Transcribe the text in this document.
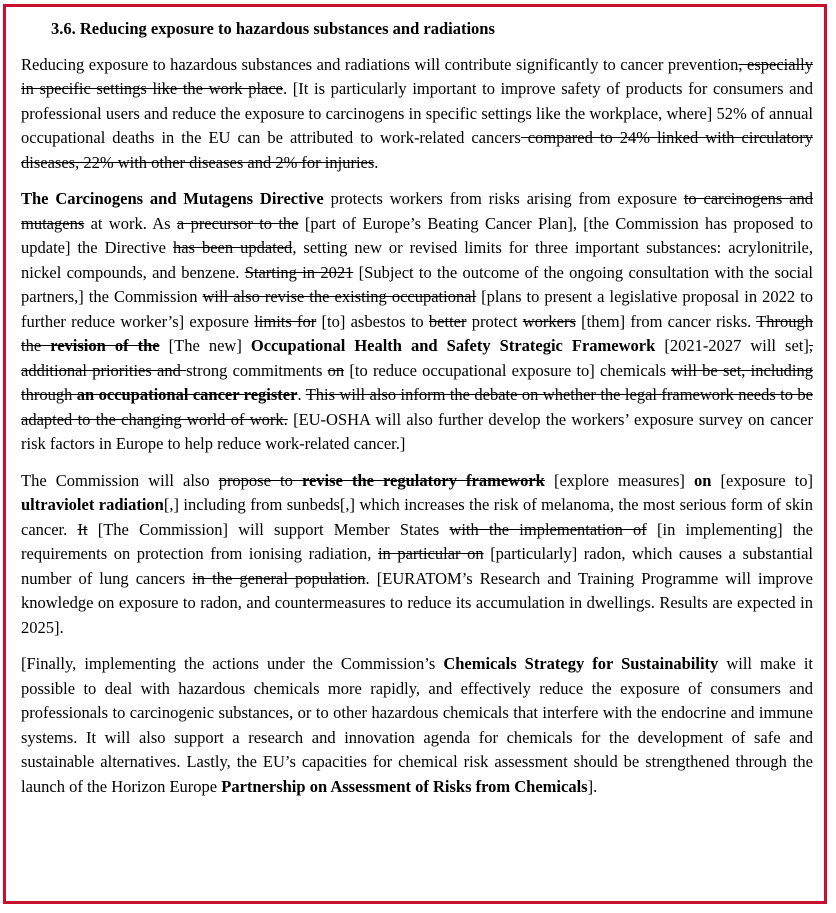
3.6. Reducing exposure to hazardous substances and radiations

Reducing exposure to hazardous substances and radiations will contribute significantly to cancer prevention, especially in specific settings like the work place. [It is particularly important to improve safety of products for consumers and professional users and reduce the exposure to carcinogens in specific settings like the workplace, where] 52% of annual occupational deaths in the EU can be attributed to work-related cancers compared to 24% linked with circulatory diseases, 22% with other diseases and 2% for injuries.

The Carcinogens and Mutagens Directive protects workers from risks arising from exposure to carcinogens and mutagens at work. As a precursor to the [part of Europe’s Beating Cancer Plan], [the Commission has proposed to update] the Directive has been updated, setting new or revised limits for three important substances: acrylonitrile, nickel compounds, and benzene. Starting in 2021 [Subject to the outcome of the ongoing consultation with the social partners,] the Commission will also revise the existing occupational [plans to present a legislative proposal in 2022 to further reduce worker’s] exposure limits for [to] asbestos to better protect workers [them] from cancer risks. Through the revision of the [The new] Occupational Health and Safety Strategic Framework [2021-2027 will set], additional priorities and strong commitments on [to reduce occupational exposure to] chemicals will be set, including through an occupational cancer register. This will also inform the debate on whether the legal framework needs to be adapted to the changing world of work. [EU-OSHA will also further develop the workers’ exposure survey on cancer risk factors in Europe to help reduce work-related cancer.]

The Commission will also propose to revise the regulatory framework [explore measures] on [exposure to] ultraviolet radiation[,] including from sunbeds[,] which increases the risk of melanoma, the most serious form of skin cancer. It [The Commission] will support Member States with the implementation of [in implementing] the requirements on protection from ionising radiation, in particular on [particularly] radon, which causes a substantial number of lung cancers in the general population. [EURATOM’s Research and Training Programme will improve knowledge on exposure to radon, and countermeasures to reduce its accumulation in dwellings. Results are expected in 2025].

[Finally, implementing the actions under the Commission’s Chemicals Strategy for Sustainability will make it possible to deal with hazardous chemicals more rapidly, and effectively reduce the exposure of consumers and professionals to carcinogenic substances, or to other hazardous chemicals that interfere with the endocrine and immune systems. It will also support a research and innovation agenda for chemicals for the development of safe and sustainable alternatives. Lastly, the EU’s capacities for chemical risk assessment should be strengthened through the launch of the Horizon Europe Partnership on Assessment of Risks from Chemicals].
